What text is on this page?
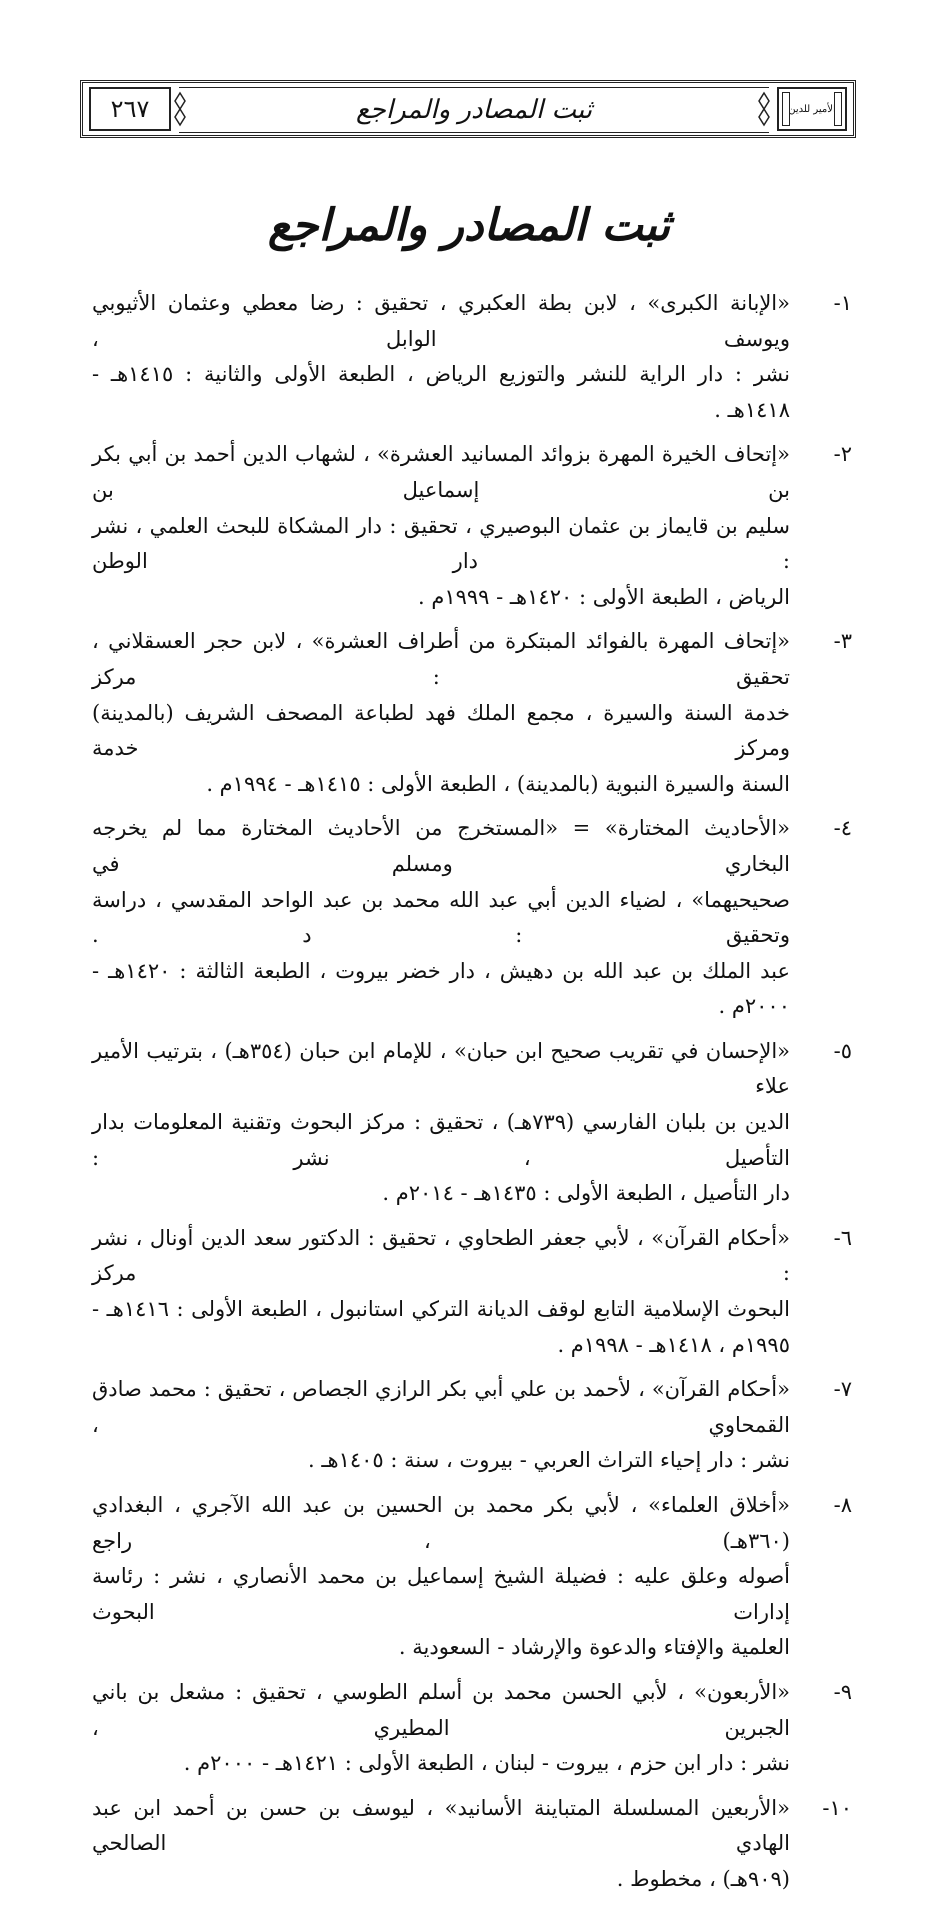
الأمير للدين
ثبت المصادر والمراجع
٢٦٧
ثبت المصادر والمراجع
١-
«الإبانة الكبرى» ، لابن بطة العكبري ، تحقيق : رضا معطي وعثمان الأثيوبي ويوسف الوابل ،
نشر : دار الراية للنشر والتوزيع الرياض ، الطبعة الأولى والثانية : ١٤١٥هـ - ١٤١٨هـ .
٢-
«إتحاف الخيرة المهرة بزوائد المسانيد العشرة» ، لشهاب الدين أحمد بن أبي بكر بن إسماعيل بن
سليم بن قايماز بن عثمان البوصيري ، تحقيق : دار المشكاة للبحث العلمي ، نشر : دار الوطن
الرياض ، الطبعة الأولى : ١٤٢٠هـ - ١٩٩٩م .
٣-
«إتحاف المهرة بالفوائد المبتكرة من أطراف العشرة» ، لابن حجر العسقلاني ، تحقيق : مركز
خدمة السنة والسيرة ، مجمع الملك فهد لطباعة المصحف الشريف (بالمدينة) ومركز خدمة
السنة والسيرة النبوية (بالمدينة) ، الطبعة الأولى : ١٤١٥هـ - ١٩٩٤م .
٤-
«الأحاديث المختارة» = «المستخرج من الأحاديث المختارة مما لم يخرجه البخاري ومسلم في
صحيحيهما» ، لضياء الدين أبي عبد الله محمد بن عبد الواحد المقدسي ، دراسة وتحقيق : د .
عبد الملك بن عبد الله بن دهيش ، دار خضر بيروت ، الطبعة الثالثة : ١٤٢٠هـ - ٢٠٠٠م .
٥-
«الإحسان في تقريب صحيح ابن حبان» ، للإمام ابن حبان (٣٥٤هـ) ، بترتيب الأمير علاء
الدين بن بلبان الفارسي (٧٣٩هـ) ، تحقيق : مركز البحوث وتقنية المعلومات بدار التأصيل ، نشر :
دار التأصيل ، الطبعة الأولى : ١٤٣٥هـ - ٢٠١٤م .
٦-
«أحكام القرآن» ، لأبي جعفر الطحاوي ، تحقيق : الدكتور سعد الدين أونال ، نشر : مركز
البحوث الإسلامية التابع لوقف الديانة التركي استانبول ، الطبعة الأولى : ١٤١٦هـ -
١٩٩٥م ، ١٤١٨هـ - ١٩٩٨م .
٧-
«أحكام القرآن» ، لأحمد بن علي أبي بكر الرازي الجصاص ، تحقيق : محمد صادق القمحاوي ،
نشر : دار إحياء التراث العربي - بيروت ، سنة : ١٤٠٥هـ .
٨-
«أخلاق العلماء» ، لأبي بكر محمد بن الحسين بن عبد الله الآجري ، البغدادي (٣٦٠هـ) ، راجع
أصوله وعلق عليه : فضيلة الشيخ إسماعيل بن محمد الأنصاري ، نشر : رئاسة إدارات البحوث
العلمية والإفتاء والدعوة والإرشاد - السعودية .
٩-
«الأربعون» ، لأبي الحسن محمد بن أسلم الطوسي ، تحقيق : مشعل بن باني الجبرين المطيري ،
نشر : دار ابن حزم ، بيروت - لبنان ، الطبعة الأولى : ١٤٢١هـ - ٢٠٠٠م .
١٠-
«الأربعين المسلسلة المتباينة الأسانيد» ، ليوسف بن حسن بن أحمد ابن عبد الهادي الصالحي
(٩٠٩هـ) ، مخطوط .
